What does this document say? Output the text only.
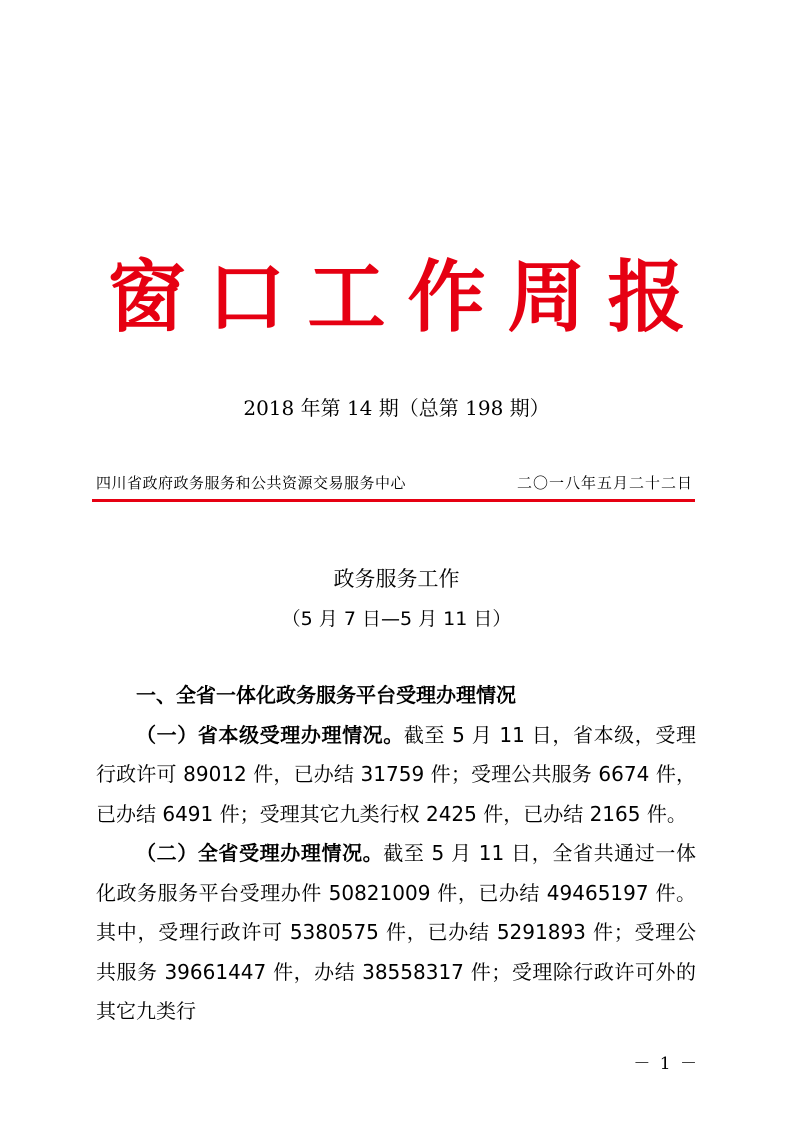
窗口工作周报
2018 年第 14 期（总第 198 期）
四川省政府政务服务和公共资源交易服务中心	二〇一八年五月二十二日
政务服务工作
（5 月 7 日—5 月 11 日）

一、全省一体化政务服务平台受理办理情况

（一）省本级受理办理情况。截至 5 月 11 日，省本级，受理行政许可 89012 件，已办结 31759 件；受理公共服务 6674 件，已办结 6491 件；受理其它九类行权 2425 件，已办结 2165 件。

（二）全省受理办理情况。截至 5 月 11 日，全省共通过一体化政务服务平台受理办件 50821009 件，已办结 49465197 件。其中，受理行政许可 5380575 件，已办结 5291893 件；受理公共服务 39661447 件，办结 38558317 件；受理除行政许可外的其它九类行

－ 1 －
